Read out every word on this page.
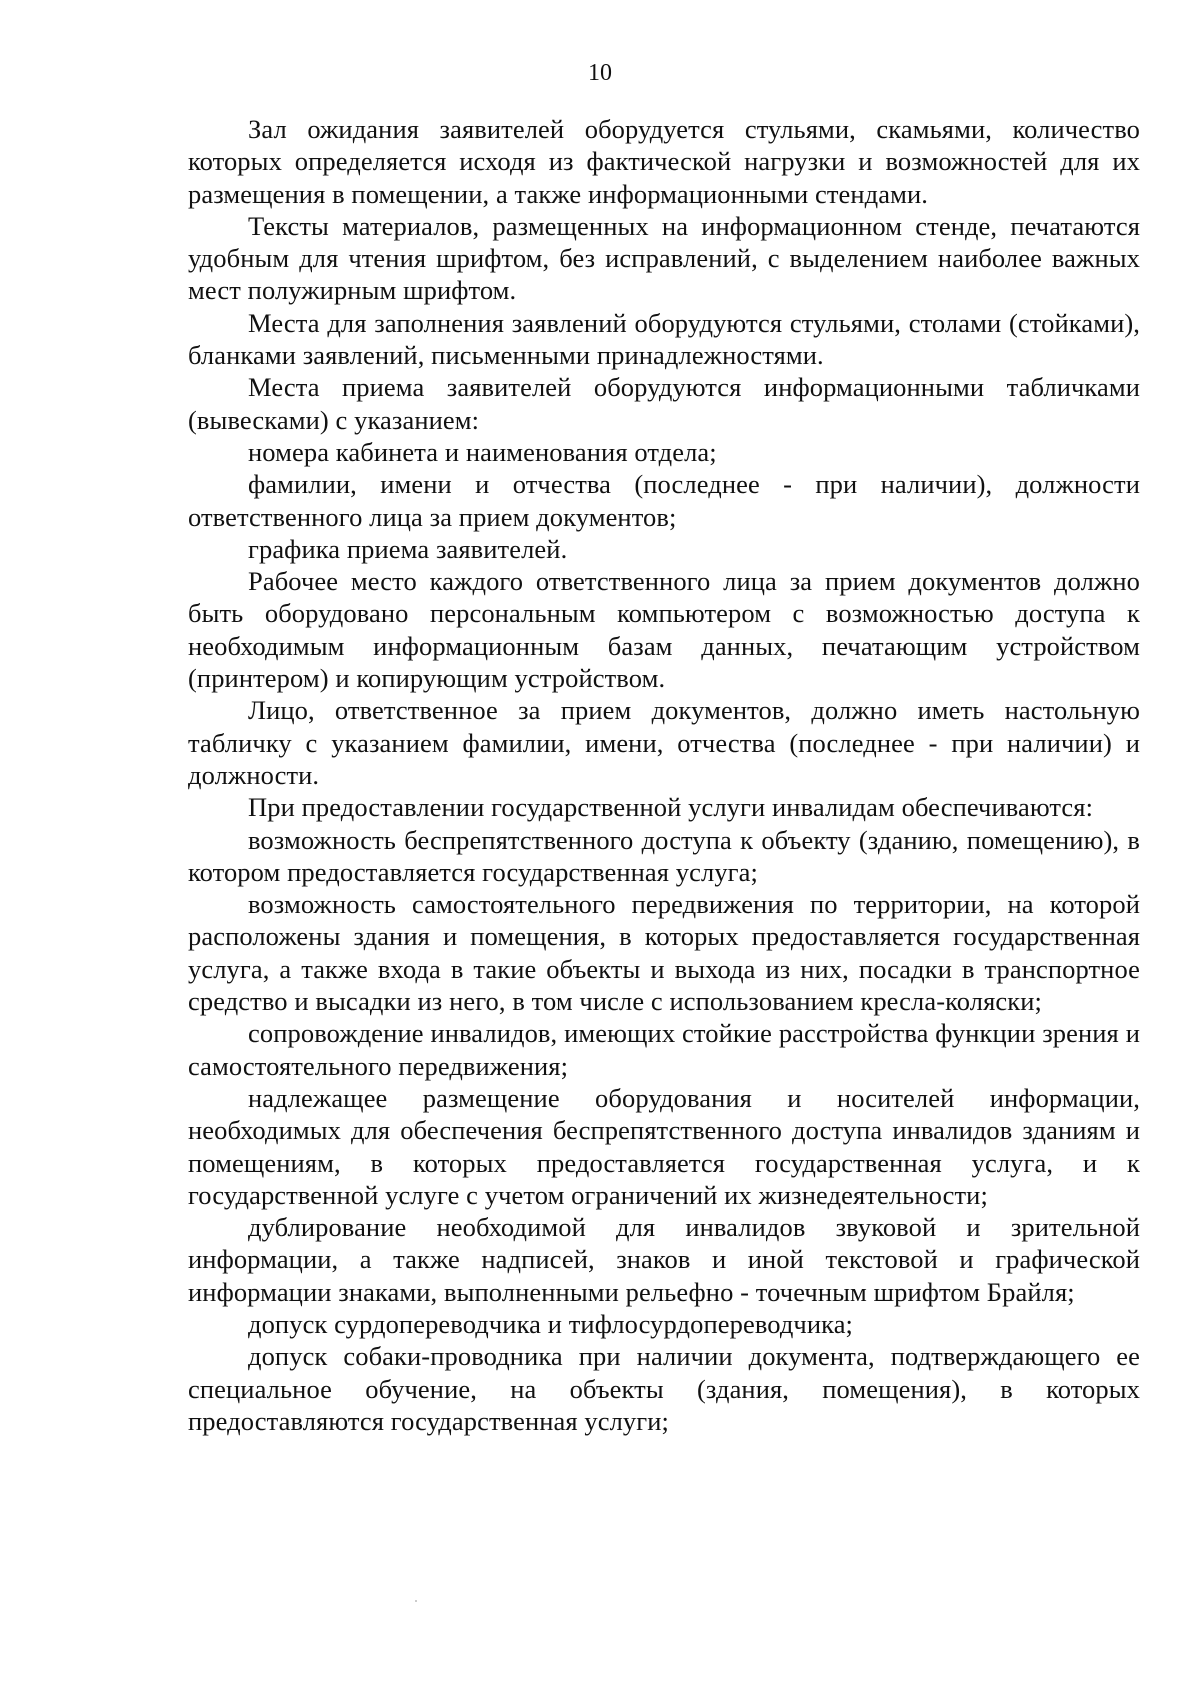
10

Зал ожидания заявителей оборудуется стульями, скамьями, количество которых определяется исходя из фактической нагрузки и возможностей для их размещения в помещении, а также информационными стендами.

Тексты материалов, размещенных на информационном стенде, печатаются удобным для чтения шрифтом, без исправлений, с выделением наиболее важных мест полужирным шрифтом.

Места для заполнения заявлений оборудуются стульями, столами (стойками), бланками заявлений, письменными принадлежностями.

Места приема заявителей оборудуются информационными табличками (вывесками) с указанием:

номера кабинета и наименования отдела;

фамилии, имени и отчества (последнее - при наличии), должности ответственного лица за прием документов;

графика приема заявителей.

Рабочее место каждого ответственного лица за прием документов должно быть оборудовано персональным компьютером с возможностью доступа к необходимым информационным базам данных, печатающим устройством (принтером) и копирующим устройством.

Лицо, ответственное за прием документов, должно иметь настольную табличку с указанием фамилии, имени, отчества (последнее - при наличии) и должности.

При предоставлении государственной услуги инвалидам обеспечиваются:

возможность беспрепятственного доступа к объекту (зданию, помещению), в котором предоставляется государственная услуга;

возможность самостоятельного передвижения по территории, на которой расположены здания и помещения, в которых предоставляется государственная услуга, а также входа в такие объекты и выхода из них, посадки в транспортное средство и высадки из него, в том числе с использованием кресла-коляски;

сопровождение инвалидов, имеющих стойкие расстройства функции зрения и самостоятельного передвижения;

надлежащее размещение оборудования и носителей информации, необходимых для обеспечения беспрепятственного доступа инвалидов зданиям и помещениям, в которых предоставляется государственная услуга, и к государственной услуге с учетом ограничений их жизнедеятельности;

дублирование необходимой для инвалидов звуковой и зрительной информации, а также надписей, знаков и иной текстовой и графической информации знаками, выполненными рельефно - точечным шрифтом Брайля;

допуск сурдопереводчика и тифлосурдопереводчика;

допуск собаки-проводника при наличии документа, подтверждающего ее специальное обучение, на объекты (здания, помещения), в которых предоставляются государственная услуги;
